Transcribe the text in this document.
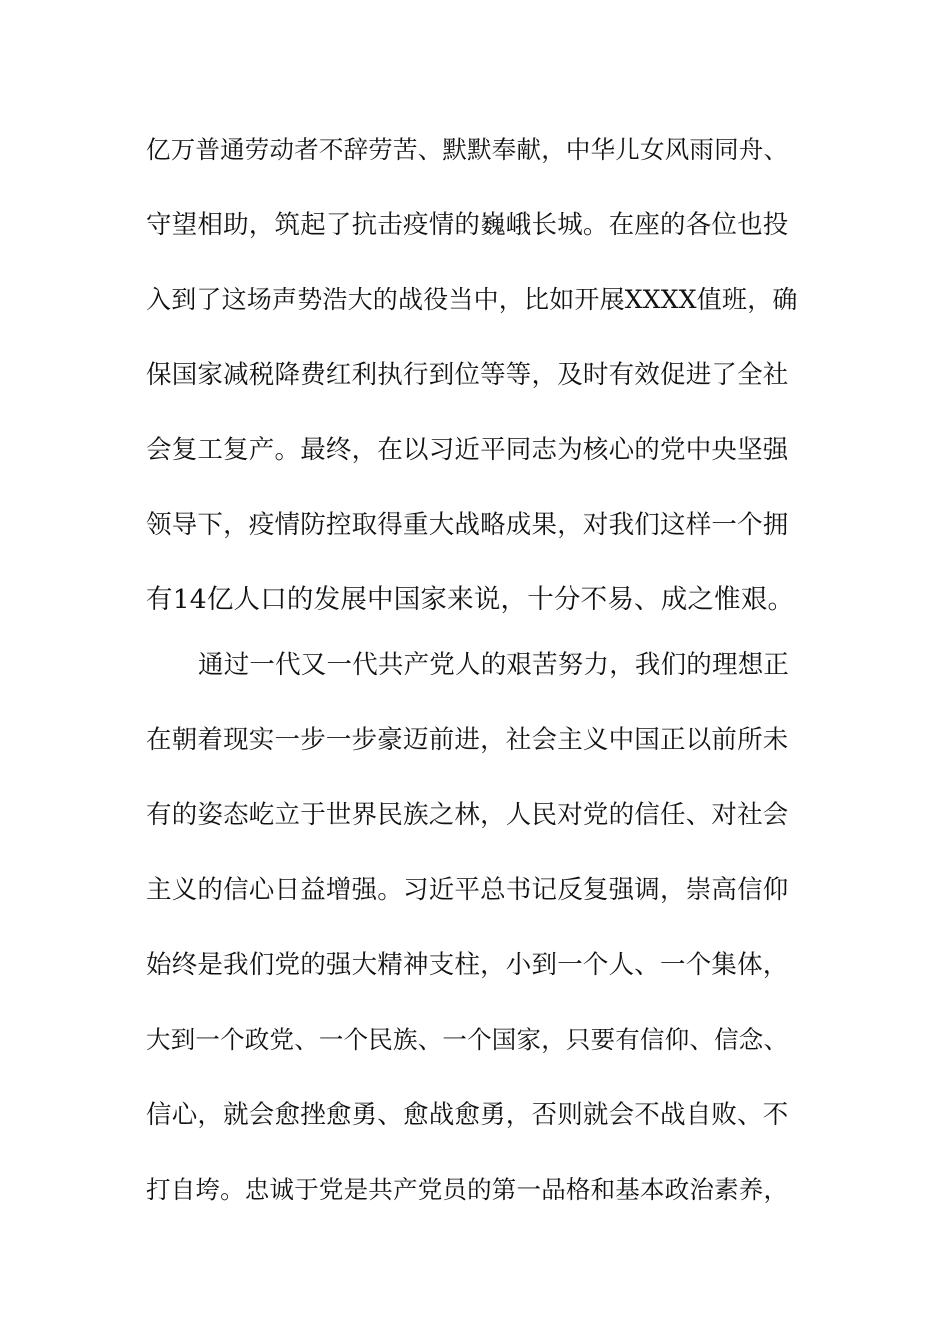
亿万普通劳动者不辞劳苦、默默奉献，中华儿女风雨同舟、
守望相助，筑起了抗击疫情的巍峨长城。在座的各位也投
入到了这场声势浩大的战役当中，比如开展XXXX值班，确
保国家减税降费红利执行到位等等，及时有效促进了全社
会复工复产。最终，在以习近平同志为核心的党中央坚强
领导下，疫情防控取得重大战略成果，对我们这样一个拥
有14亿人口的发展中国家来说，十分不易、成之惟艰。
通过一代又一代共产党人的艰苦努力，我们的理想正
在朝着现实一步一步豪迈前进，社会主义中国正以前所未
有的姿态屹立于世界民族之林，人民对党的信任、对社会
主义的信心日益增强。习近平总书记反复强调，崇高信仰
始终是我们党的强大精神支柱，小到一个人、一个集体，
大到一个政党、一个民族、一个国家，只要有信仰、信念、
信心，就会愈挫愈勇、愈战愈勇，否则就会不战自败、不
打自垮。忠诚于党是共产党员的第一品格和基本政治素养，
